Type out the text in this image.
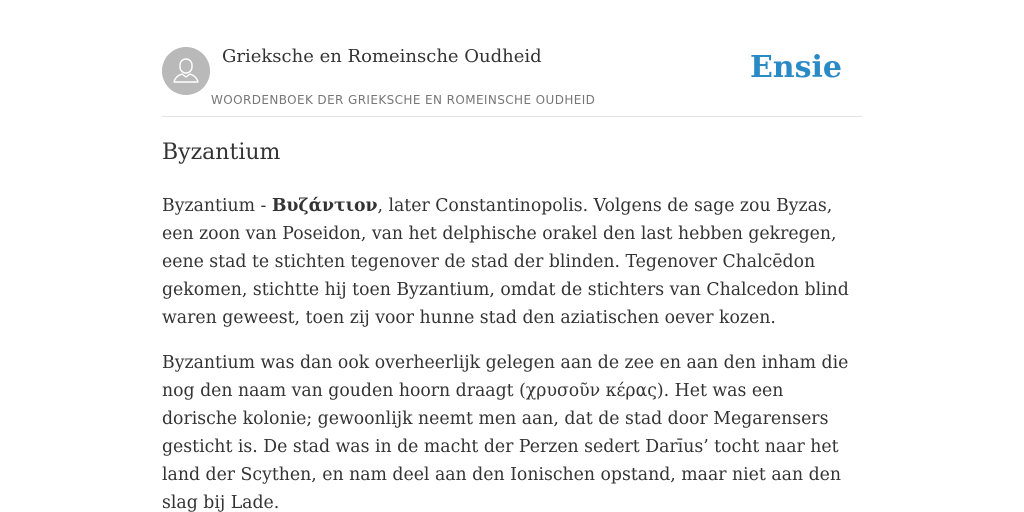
Grieksche en Romeinsche Oudheid
WOORDENBOEK DER GRIEKSCHE EN ROMEINSCHE OUDHEID
Ensie
Byzantium

Byzantium - Βυζάντιον, later Constantinopolis. Volgens de sage zou Byzas, een zoon van Poseidon, van het delphische orakel den last hebben gekregen, eene stad te stichten tegenover de stad der blinden. Tegenover Chalcēdon gekomen, stichtte hij toen Byzantium, omdat de stichters van Chalcedon blind waren geweest, toen zij voor hunne stad den aziatischen oever kozen.

Byzantium was dan ook overheerlijk gelegen aan de zee en aan den inham die nog den naam van gouden hoorn draagt (χρυσοῦν κέρας). Het was een dorische kolonie; gewoonlijk neemt men aan, dat de stad door Megarensers gesticht is. De stad was in de macht der Perzen sedert Darīus’ tocht naar het land der Scythen, en nam deel aan den Ionischen opstand, maar niet aan den slag bij Lade.
